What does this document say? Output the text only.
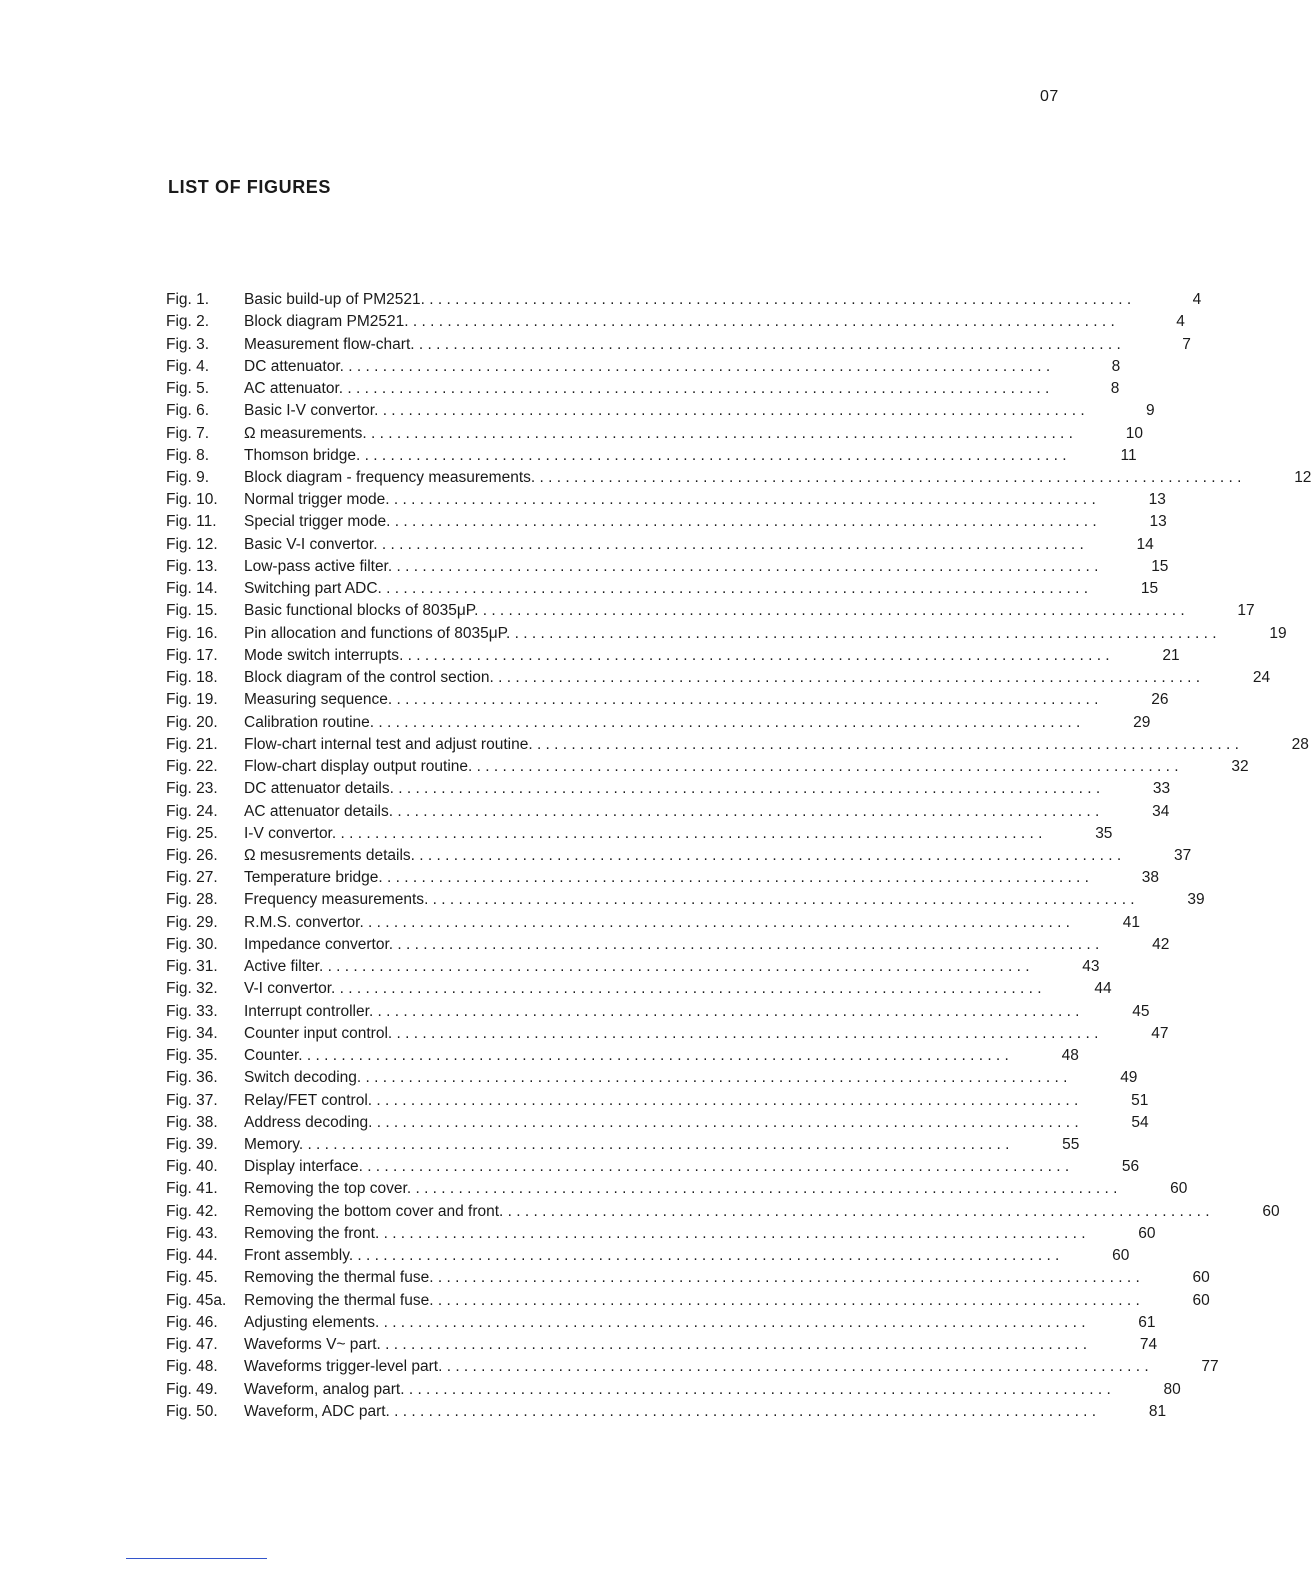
07
LIST OF FIGURES
Fig. 1.	Basic build-up of PM2521. . . . . . . . . . . . . . . . . . . . . . . . . . . . . . . . . . . . . . . . . . . . . . . . . . . . . . . . . . . . . . . . . . . . . . . . . . . . . . . . . . .	4
Fig. 2.	Block diagram PM2521. . . . . . . . . . . . . . . . . . . . . . . . . . . . . . . . . . . . . . . . . . . . . . . . . . . . . . . . . . . . . . . . . . . . . . . . . . . . . . . . . . .	4
Fig. 3.	Measurement flow-chart. . . . . . . . . . . . . . . . . . . . . . . . . . . . . . . . . . . . . . . . . . . . . . . . . . . . . . . . . . . . . . . . . . . . . . . . . . . . . . . . . . .	7
Fig. 4.	DC attenuator. . . . . . . . . . . . . . . . . . . . . . . . . . . . . . . . . . . . . . . . . . . . . . . . . . . . . . . . . . . . . . . . . . . . . . . . . . . . . . . . . . .	8
Fig. 5.	AC attenuator. . . . . . . . . . . . . . . . . . . . . . . . . . . . . . . . . . . . . . . . . . . . . . . . . . . . . . . . . . . . . . . . . . . . . . . . . . . . . . . . . . .	8
Fig. 6.	Basic I-V convertor. . . . . . . . . . . . . . . . . . . . . . . . . . . . . . . . . . . . . . . . . . . . . . . . . . . . . . . . . . . . . . . . . . . . . . . . . . . . . . . . . . .	9
Fig. 7.	Ω measurements. . . . . . . . . . . . . . . . . . . . . . . . . . . . . . . . . . . . . . . . . . . . . . . . . . . . . . . . . . . . . . . . . . . . . . . . . . . . . . . . . . .	10
Fig. 8.	Thomson bridge. . . . . . . . . . . . . . . . . . . . . . . . . . . . . . . . . . . . . . . . . . . . . . . . . . . . . . . . . . . . . . . . . . . . . . . . . . . . . . . . . . .	11
Fig. 9.	Block diagram - frequency measurements. . . . . . . . . . . . . . . . . . . . . . . . . . . . . . . . . . . . . . . . . . . . . . . . . . . . . . . . . . . . . . . . . . . . . . . . . . . . . . . . . . .	12
Fig. 10.	Normal trigger mode. . . . . . . . . . . . . . . . . . . . . . . . . . . . . . . . . . . . . . . . . . . . . . . . . . . . . . . . . . . . . . . . . . . . . . . . . . . . . . . . . . .	13
Fig. 11.	Special trigger mode. . . . . . . . . . . . . . . . . . . . . . . . . . . . . . . . . . . . . . . . . . . . . . . . . . . . . . . . . . . . . . . . . . . . . . . . . . . . . . . . . . .	13
Fig. 12.	Basic V-I convertor. . . . . . . . . . . . . . . . . . . . . . . . . . . . . . . . . . . . . . . . . . . . . . . . . . . . . . . . . . . . . . . . . . . . . . . . . . . . . . . . . . .	14
Fig. 13.	Low-pass active filter. . . . . . . . . . . . . . . . . . . . . . . . . . . . . . . . . . . . . . . . . . . . . . . . . . . . . . . . . . . . . . . . . . . . . . . . . . . . . . . . . . .	15
Fig. 14.	Switching part ADC. . . . . . . . . . . . . . . . . . . . . . . . . . . . . . . . . . . . . . . . . . . . . . . . . . . . . . . . . . . . . . . . . . . . . . . . . . . . . . . . . . .	15
Fig. 15.	Basic functional blocks of 8035μP. . . . . . . . . . . . . . . . . . . . . . . . . . . . . . . . . . . . . . . . . . . . . . . . . . . . . . . . . . . . . . . . . . . . . . . . . . . . . . . . . . .	17
Fig. 16.	Pin allocation and functions of 8035μP. . . . . . . . . . . . . . . . . . . . . . . . . . . . . . . . . . . . . . . . . . . . . . . . . . . . . . . . . . . . . . . . . . . . . . . . . . . . . . . . . . .	19
Fig. 17.	Mode switch interrupts. . . . . . . . . . . . . . . . . . . . . . . . . . . . . . . . . . . . . . . . . . . . . . . . . . . . . . . . . . . . . . . . . . . . . . . . . . . . . . . . . . .	21
Fig. 18.	Block diagram of the control section. . . . . . . . . . . . . . . . . . . . . . . . . . . . . . . . . . . . . . . . . . . . . . . . . . . . . . . . . . . . . . . . . . . . . . . . . . . . . . . . . . .	24
Fig. 19.	Measuring sequence. . . . . . . . . . . . . . . . . . . . . . . . . . . . . . . . . . . . . . . . . . . . . . . . . . . . . . . . . . . . . . . . . . . . . . . . . . . . . . . . . . .	26
Fig. 20.	Calibration routine. . . . . . . . . . . . . . . . . . . . . . . . . . . . . . . . . . . . . . . . . . . . . . . . . . . . . . . . . . . . . . . . . . . . . . . . . . . . . . . . . . .	29
Fig. 21.	Flow-chart internal test and adjust routine. . . . . . . . . . . . . . . . . . . . . . . . . . . . . . . . . . . . . . . . . . . . . . . . . . . . . . . . . . . . . . . . . . . . . . . . . . . . . . . . . . .	28
Fig. 22.	Flow-chart display output routine. . . . . . . . . . . . . . . . . . . . . . . . . . . . . . . . . . . . . . . . . . . . . . . . . . . . . . . . . . . . . . . . . . . . . . . . . . . . . . . . . . .	32
Fig. 23.	DC attenuator details. . . . . . . . . . . . . . . . . . . . . . . . . . . . . . . . . . . . . . . . . . . . . . . . . . . . . . . . . . . . . . . . . . . . . . . . . . . . . . . . . . .	33
Fig. 24.	AC attenuator details. . . . . . . . . . . . . . . . . . . . . . . . . . . . . . . . . . . . . . . . . . . . . . . . . . . . . . . . . . . . . . . . . . . . . . . . . . . . . . . . . . .	34
Fig. 25.	I-V convertor. . . . . . . . . . . . . . . . . . . . . . . . . . . . . . . . . . . . . . . . . . . . . . . . . . . . . . . . . . . . . . . . . . . . . . . . . . . . . . . . . . .	35
Fig. 26.	Ω mesusrements details. . . . . . . . . . . . . . . . . . . . . . . . . . . . . . . . . . . . . . . . . . . . . . . . . . . . . . . . . . . . . . . . . . . . . . . . . . . . . . . . . . .	37
Fig. 27.	Temperature bridge. . . . . . . . . . . . . . . . . . . . . . . . . . . . . . . . . . . . . . . . . . . . . . . . . . . . . . . . . . . . . . . . . . . . . . . . . . . . . . . . . . .	38
Fig. 28.	Frequency measurements. . . . . . . . . . . . . . . . . . . . . . . . . . . . . . . . . . . . . . . . . . . . . . . . . . . . . . . . . . . . . . . . . . . . . . . . . . . . . . . . . . .	39
Fig. 29.	R.M.S. convertor. . . . . . . . . . . . . . . . . . . . . . . . . . . . . . . . . . . . . . . . . . . . . . . . . . . . . . . . . . . . . . . . . . . . . . . . . . . . . . . . . . .	41
Fig. 30.	Impedance convertor. . . . . . . . . . . . . . . . . . . . . . . . . . . . . . . . . . . . . . . . . . . . . . . . . . . . . . . . . . . . . . . . . . . . . . . . . . . . . . . . . . .	42
Fig. 31.	Active filter. . . . . . . . . . . . . . . . . . . . . . . . . . . . . . . . . . . . . . . . . . . . . . . . . . . . . . . . . . . . . . . . . . . . . . . . . . . . . . . . . . .	43
Fig. 32.	V-I convertor. . . . . . . . . . . . . . . . . . . . . . . . . . . . . . . . . . . . . . . . . . . . . . . . . . . . . . . . . . . . . . . . . . . . . . . . . . . . . . . . . . .	44
Fig. 33.	Interrupt controller. . . . . . . . . . . . . . . . . . . . . . . . . . . . . . . . . . . . . . . . . . . . . . . . . . . . . . . . . . . . . . . . . . . . . . . . . . . . . . . . . . .	45
Fig. 34.	Counter input control. . . . . . . . . . . . . . . . . . . . . . . . . . . . . . . . . . . . . . . . . . . . . . . . . . . . . . . . . . . . . . . . . . . . . . . . . . . . . . . . . . .	47
Fig. 35.	Counter. . . . . . . . . . . . . . . . . . . . . . . . . . . . . . . . . . . . . . . . . . . . . . . . . . . . . . . . . . . . . . . . . . . . . . . . . . . . . . . . . . .	48
Fig. 36.	Switch decoding. . . . . . . . . . . . . . . . . . . . . . . . . . . . . . . . . . . . . . . . . . . . . . . . . . . . . . . . . . . . . . . . . . . . . . . . . . . . . . . . . . .	49
Fig. 37.	Relay/FET control. . . . . . . . . . . . . . . . . . . . . . . . . . . . . . . . . . . . . . . . . . . . . . . . . . . . . . . . . . . . . . . . . . . . . . . . . . . . . . . . . . .	51
Fig. 38.	Address decoding. . . . . . . . . . . . . . . . . . . . . . . . . . . . . . . . . . . . . . . . . . . . . . . . . . . . . . . . . . . . . . . . . . . . . . . . . . . . . . . . . . .	54
Fig. 39.	Memory. . . . . . . . . . . . . . . . . . . . . . . . . . . . . . . . . . . . . . . . . . . . . . . . . . . . . . . . . . . . . . . . . . . . . . . . . . . . . . . . . . .	55
Fig. 40.	Display interface. . . . . . . . . . . . . . . . . . . . . . . . . . . . . . . . . . . . . . . . . . . . . . . . . . . . . . . . . . . . . . . . . . . . . . . . . . . . . . . . . . .	56
Fig. 41.	Removing the top cover. . . . . . . . . . . . . . . . . . . . . . . . . . . . . . . . . . . . . . . . . . . . . . . . . . . . . . . . . . . . . . . . . . . . . . . . . . . . . . . . . . .	60
Fig. 42.	Removing the bottom cover and front. . . . . . . . . . . . . . . . . . . . . . . . . . . . . . . . . . . . . . . . . . . . . . . . . . . . . . . . . . . . . . . . . . . . . . . . . . . . . . . . . . .	60
Fig. 43.	Removing the front. . . . . . . . . . . . . . . . . . . . . . . . . . . . . . . . . . . . . . . . . . . . . . . . . . . . . . . . . . . . . . . . . . . . . . . . . . . . . . . . . . .	60
Fig. 44.	Front assembly. . . . . . . . . . . . . . . . . . . . . . . . . . . . . . . . . . . . . . . . . . . . . . . . . . . . . . . . . . . . . . . . . . . . . . . . . . . . . . . . . . .	60
Fig. 45.	Removing the thermal fuse. . . . . . . . . . . . . . . . . . . . . . . . . . . . . . . . . . . . . . . . . . . . . . . . . . . . . . . . . . . . . . . . . . . . . . . . . . . . . . . . . . .	60
Fig. 45a.	Removing the thermal fuse. . . . . . . . . . . . . . . . . . . . . . . . . . . . . . . . . . . . . . . . . . . . . . . . . . . . . . . . . . . . . . . . . . . . . . . . . . . . . . . . . . .	60
Fig. 46.	Adjusting elements. . . . . . . . . . . . . . . . . . . . . . . . . . . . . . . . . . . . . . . . . . . . . . . . . . . . . . . . . . . . . . . . . . . . . . . . . . . . . . . . . . .	61
Fig. 47.	Waveforms V~ part. . . . . . . . . . . . . . . . . . . . . . . . . . . . . . . . . . . . . . . . . . . . . . . . . . . . . . . . . . . . . . . . . . . . . . . . . . . . . . . . . . .	74
Fig. 48.	Waveforms trigger-level part. . . . . . . . . . . . . . . . . . . . . . . . . . . . . . . . . . . . . . . . . . . . . . . . . . . . . . . . . . . . . . . . . . . . . . . . . . . . . . . . . . .	77
Fig. 49.	Waveform, analog part. . . . . . . . . . . . . . . . . . . . . . . . . . . . . . . . . . . . . . . . . . . . . . . . . . . . . . . . . . . . . . . . . . . . . . . . . . . . . . . . . . .	80
Fig. 50.	Waveform, ADC part. . . . . . . . . . . . . . . . . . . . . . . . . . . . . . . . . . . . . . . . . . . . . . . . . . . . . . . . . . . . . . . . . . . . . . . . . . . . . . . . . . .	81
